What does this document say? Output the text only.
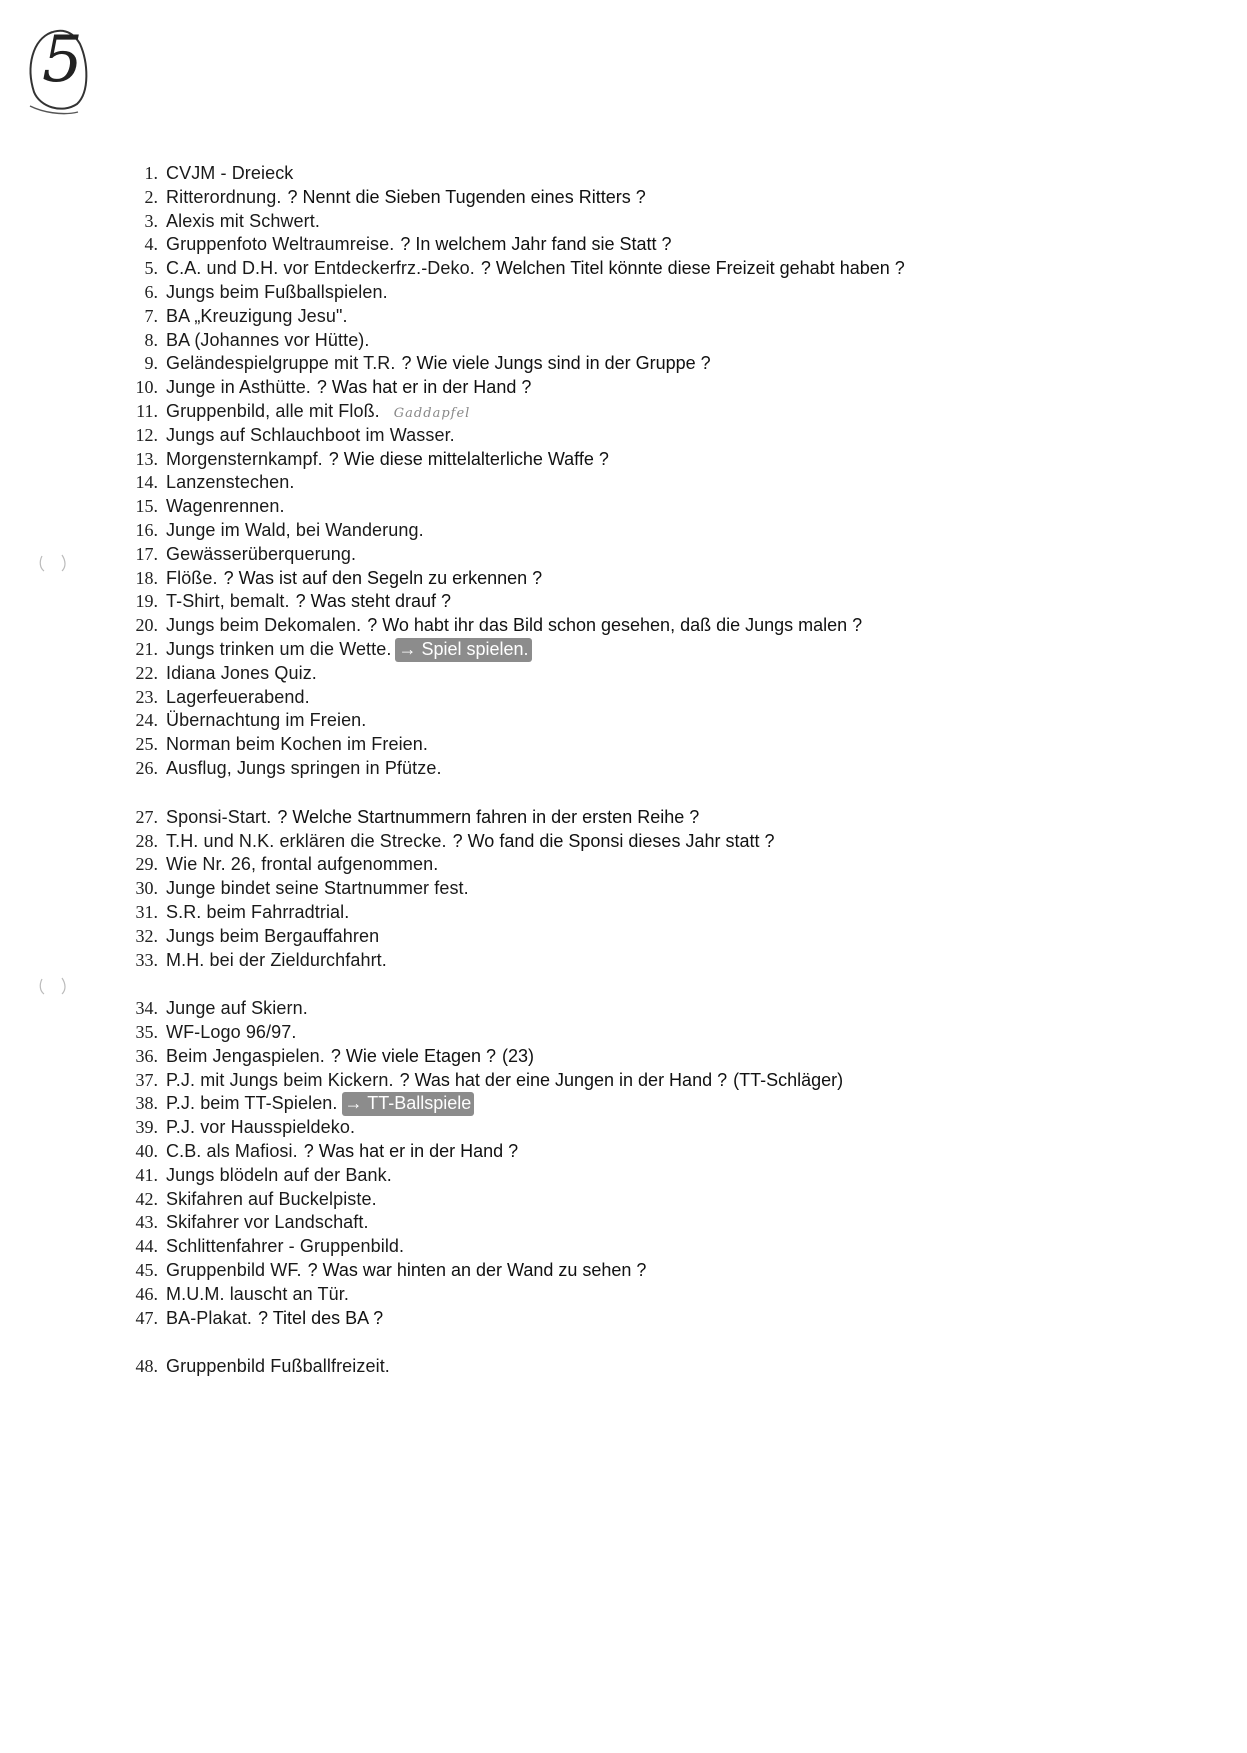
5
1. CVJM - Dreieck
2. Ritterordnung. ? Nennt die Sieben Tugenden eines Ritters ?
3. Alexis mit Schwert.
4. Gruppenfoto Weltraumreise. ? In welchem Jahr fand sie Statt ?
5. C.A. und D.H. vor Entdeckerfrz.-Deko. ? Welchen Titel könnte diese Freizeit gehabt haben ?
6. Jungs beim Fußballspielen.
7. BA „Kreuzigung Jesu".
8. BA (Johannes vor Hütte).
9. Geländespielgruppe mit T.R. ? Wie viele Jungs sind in der Gruppe ?
10. Junge in Asthütte. ? Was hat er in der Hand ?
11. Gruppenbild, alle mit Floß. Gaddapfel
12. Jungs auf Schlauchboot im Wasser.
13. Morgensternkampf. ? Wie diese mittelalterliche Waffe ?
14. Lanzenstechen.
15. Wagenrennen.
16. Junge im Wald, bei Wanderung.
17. Gewässerüberquerung.
18. Flöße. ? Was ist auf den Segeln zu erkennen ?
19. T-Shirt, bemalt. ? Was steht drauf ?
20. Jungs beim Dekomalen. ? Wo habt ihr das Bild schon gesehen, daß die Jungs malen ?
21. Jungs trinken um die Wette. → Spiel spielen.
22. Idiana Jones Quiz.
23. Lagerfeuerabend.
24. Übernachtung im Freien.
25. Norman beim Kochen im Freien.
26. Ausflug, Jungs springen in Pfütze.
27. Sponsi-Start. ? Welche Startnummern fahren in der ersten Reihe ?
28. T.H. und N.K. erklären die Strecke. ? Wo fand die Sponsi dieses Jahr statt ?
29. Wie Nr. 26, frontal aufgenommen.
30. Junge bindet seine Startnummer fest.
31. S.R. beim Fahrradtrial.
32. Jungs beim Bergauffahren
33. M.H. bei der Zieldurchfahrt.
34. Junge auf Skiern.
35. WF-Logo 96/97.
36. Beim Jengaspielen. ? Wie viele Etagen ? (23)
37. P.J. mit Jungs beim Kickern. ? Was hat der eine Jungen in der Hand ? (TT-Schläger)
38. P.J. beim TT-Spielen. → TT-Ballspiele
39. P.J. vor Hausspieldeko.
40. C.B. als Mafiosi. ? Was hat er in der Hand ?
41. Jungs blödeln auf der Bank.
42. Skifahren auf Buckelpiste.
43. Skifahrer vor Landschaft.
44. Schlittenfahrer - Gruppenbild.
45. Gruppenbild WF. ? Was war hinten an der Wand zu sehen ?
46. M.U.M. lauscht an Tür.
47. BA-Plakat. ? Titel des BA ?
48. Gruppenbild Fußballfreizeit.
